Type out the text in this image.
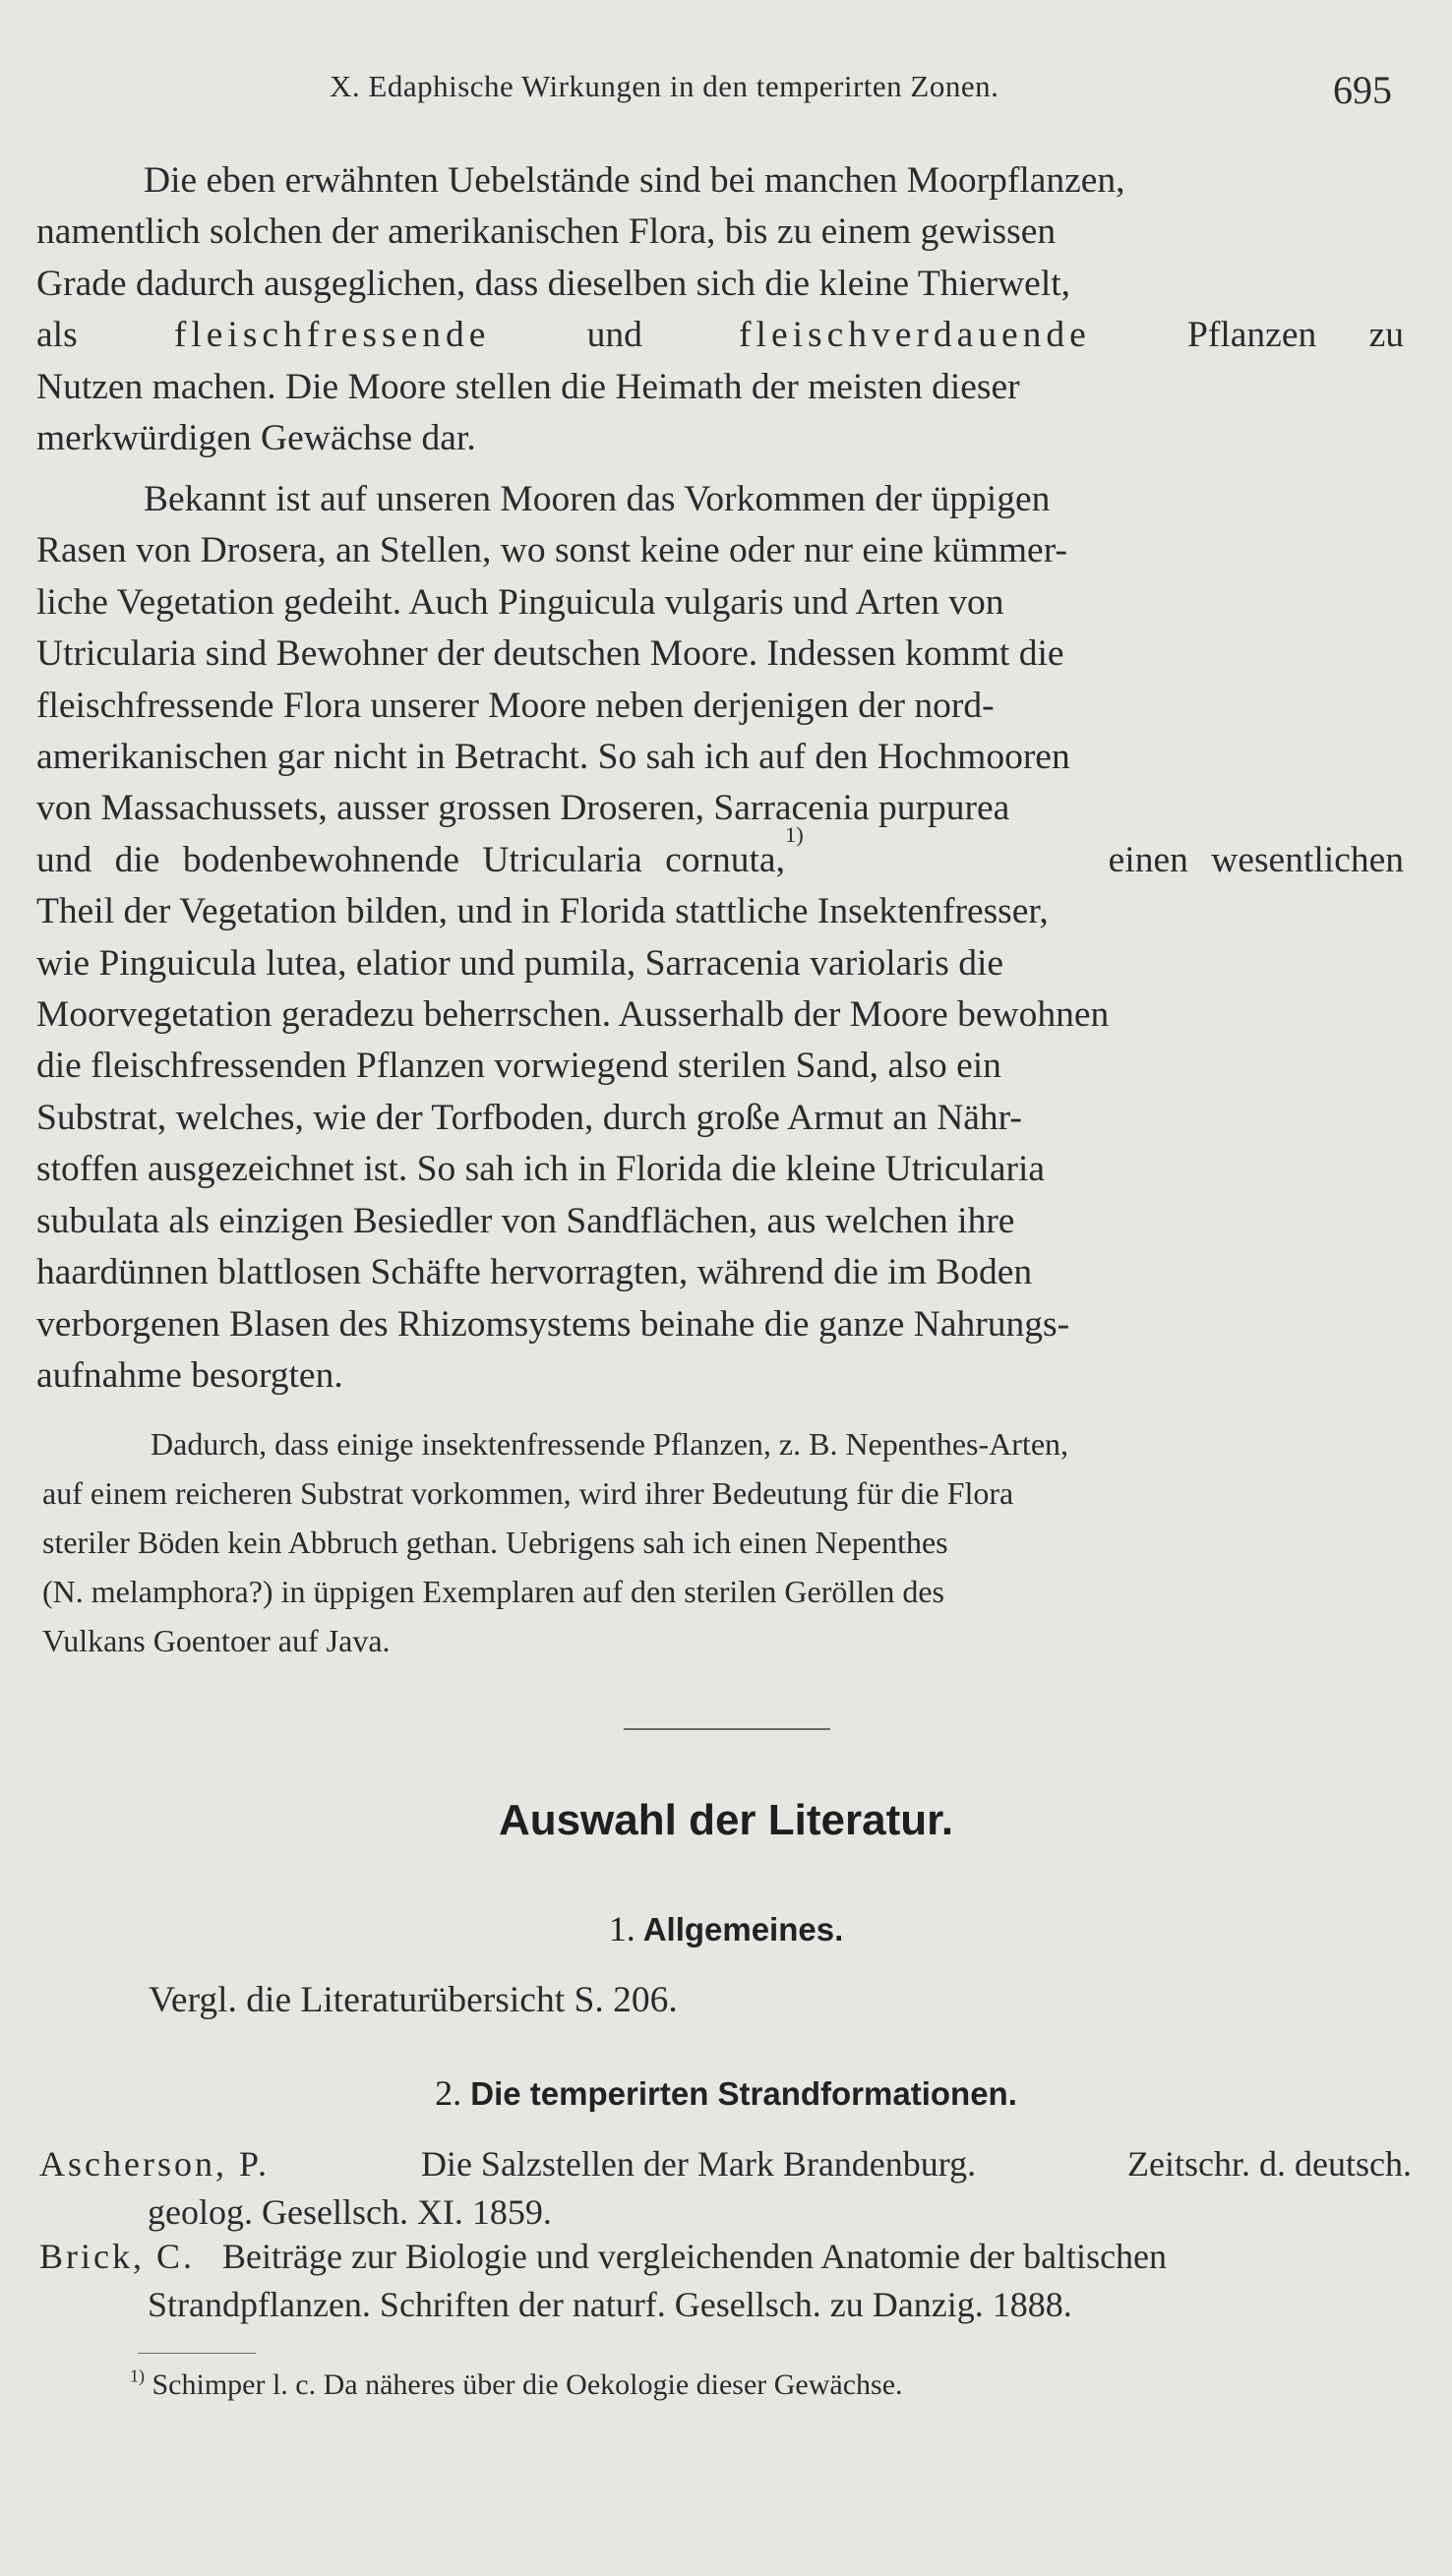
X. Edaphische Wirkungen in den temperirten Zonen.	695

Die eben erwähnten Uebelstände sind bei manchen Moorpflanzen,

namentlich solchen der amerikanischen Flora, bis zu einem gewissen

Grade dadurch ausgeglichen, dass dieselben sich die kleine Thierwelt,

als	fleischfressende	und	fleischverdauende	Pflanzen zu

Nutzen machen. Die Moore stellen die Heimath der meisten dieser

merkwürdigen Gewächse dar.

Bekannt ist auf unseren Mooren das Vorkommen der üppigen

Rasen von Drosera, an Stellen, wo sonst keine oder nur eine kümmer-

liche Vegetation gedeiht. Auch Pinguicula vulgaris und Arten von

Utricularia sind Bewohner der deutschen Moore. Indessen kommt die

fleischfressende Flora unserer Moore neben derjenigen der nord-

amerikanischen gar nicht in Betracht. So sah ich auf den Hochmooren

von Massachussets, ausser grossen Droseren, Sarracenia purpurea

und die bodenbewohnende Utricularia cornuta,
1)
einen wesentlichen

Theil der Vegetation bilden, und in Florida stattliche Insektenfresser,

wie Pinguicula lutea, elatior und pumila, Sarracenia variolaris die

Moorvegetation geradezu beherrschen. Ausserhalb der Moore bewohnen

die fleischfressenden Pflanzen vorwiegend sterilen Sand, also ein

Substrat, welches, wie der Torfboden, durch große Armut an Nähr-

stoffen ausgezeichnet ist. So sah ich in Florida die kleine Utricularia

subulata als einzigen Besiedler von Sandflächen, aus welchen ihre

haardünnen blattlosen Schäfte hervorragten, während die im Boden

verborgenen Blasen des Rhizomsystems beinahe die ganze Nahrungs-

aufnahme besorgten.

Dadurch, dass einige insektenfressende Pflanzen, z. B. Nepenthes-Arten,

auf einem reicheren Substrat vorkommen, wird ihrer Bedeutung für die Flora

steriler Böden kein Abbruch gethan. Uebrigens sah ich einen Nepenthes

(N. melamphora?) in üppigen Exemplaren auf den sterilen Geröllen des

Vulkans Goentoer auf Java.

Auswahl der Literatur.
1. Allgemeines.
Vergl. die Literaturübersicht S. 206.
2. Die temperirten Strandformationen.
Ascherson, P.	Die Salzstellen der Mark Brandenburg.	Zeitschr. d. deutsch.
geolog. Gesellsch. XI. 1859.
Brick, C. Beiträge zur Biologie und vergleichenden Anatomie der baltischen
Strandpflanzen. Schriften der naturf. Gesellsch. zu Danzig. 1888.
$^{1)}$ Schimper l. c. Da näheres über die Oekologie dieser Gewächse.
